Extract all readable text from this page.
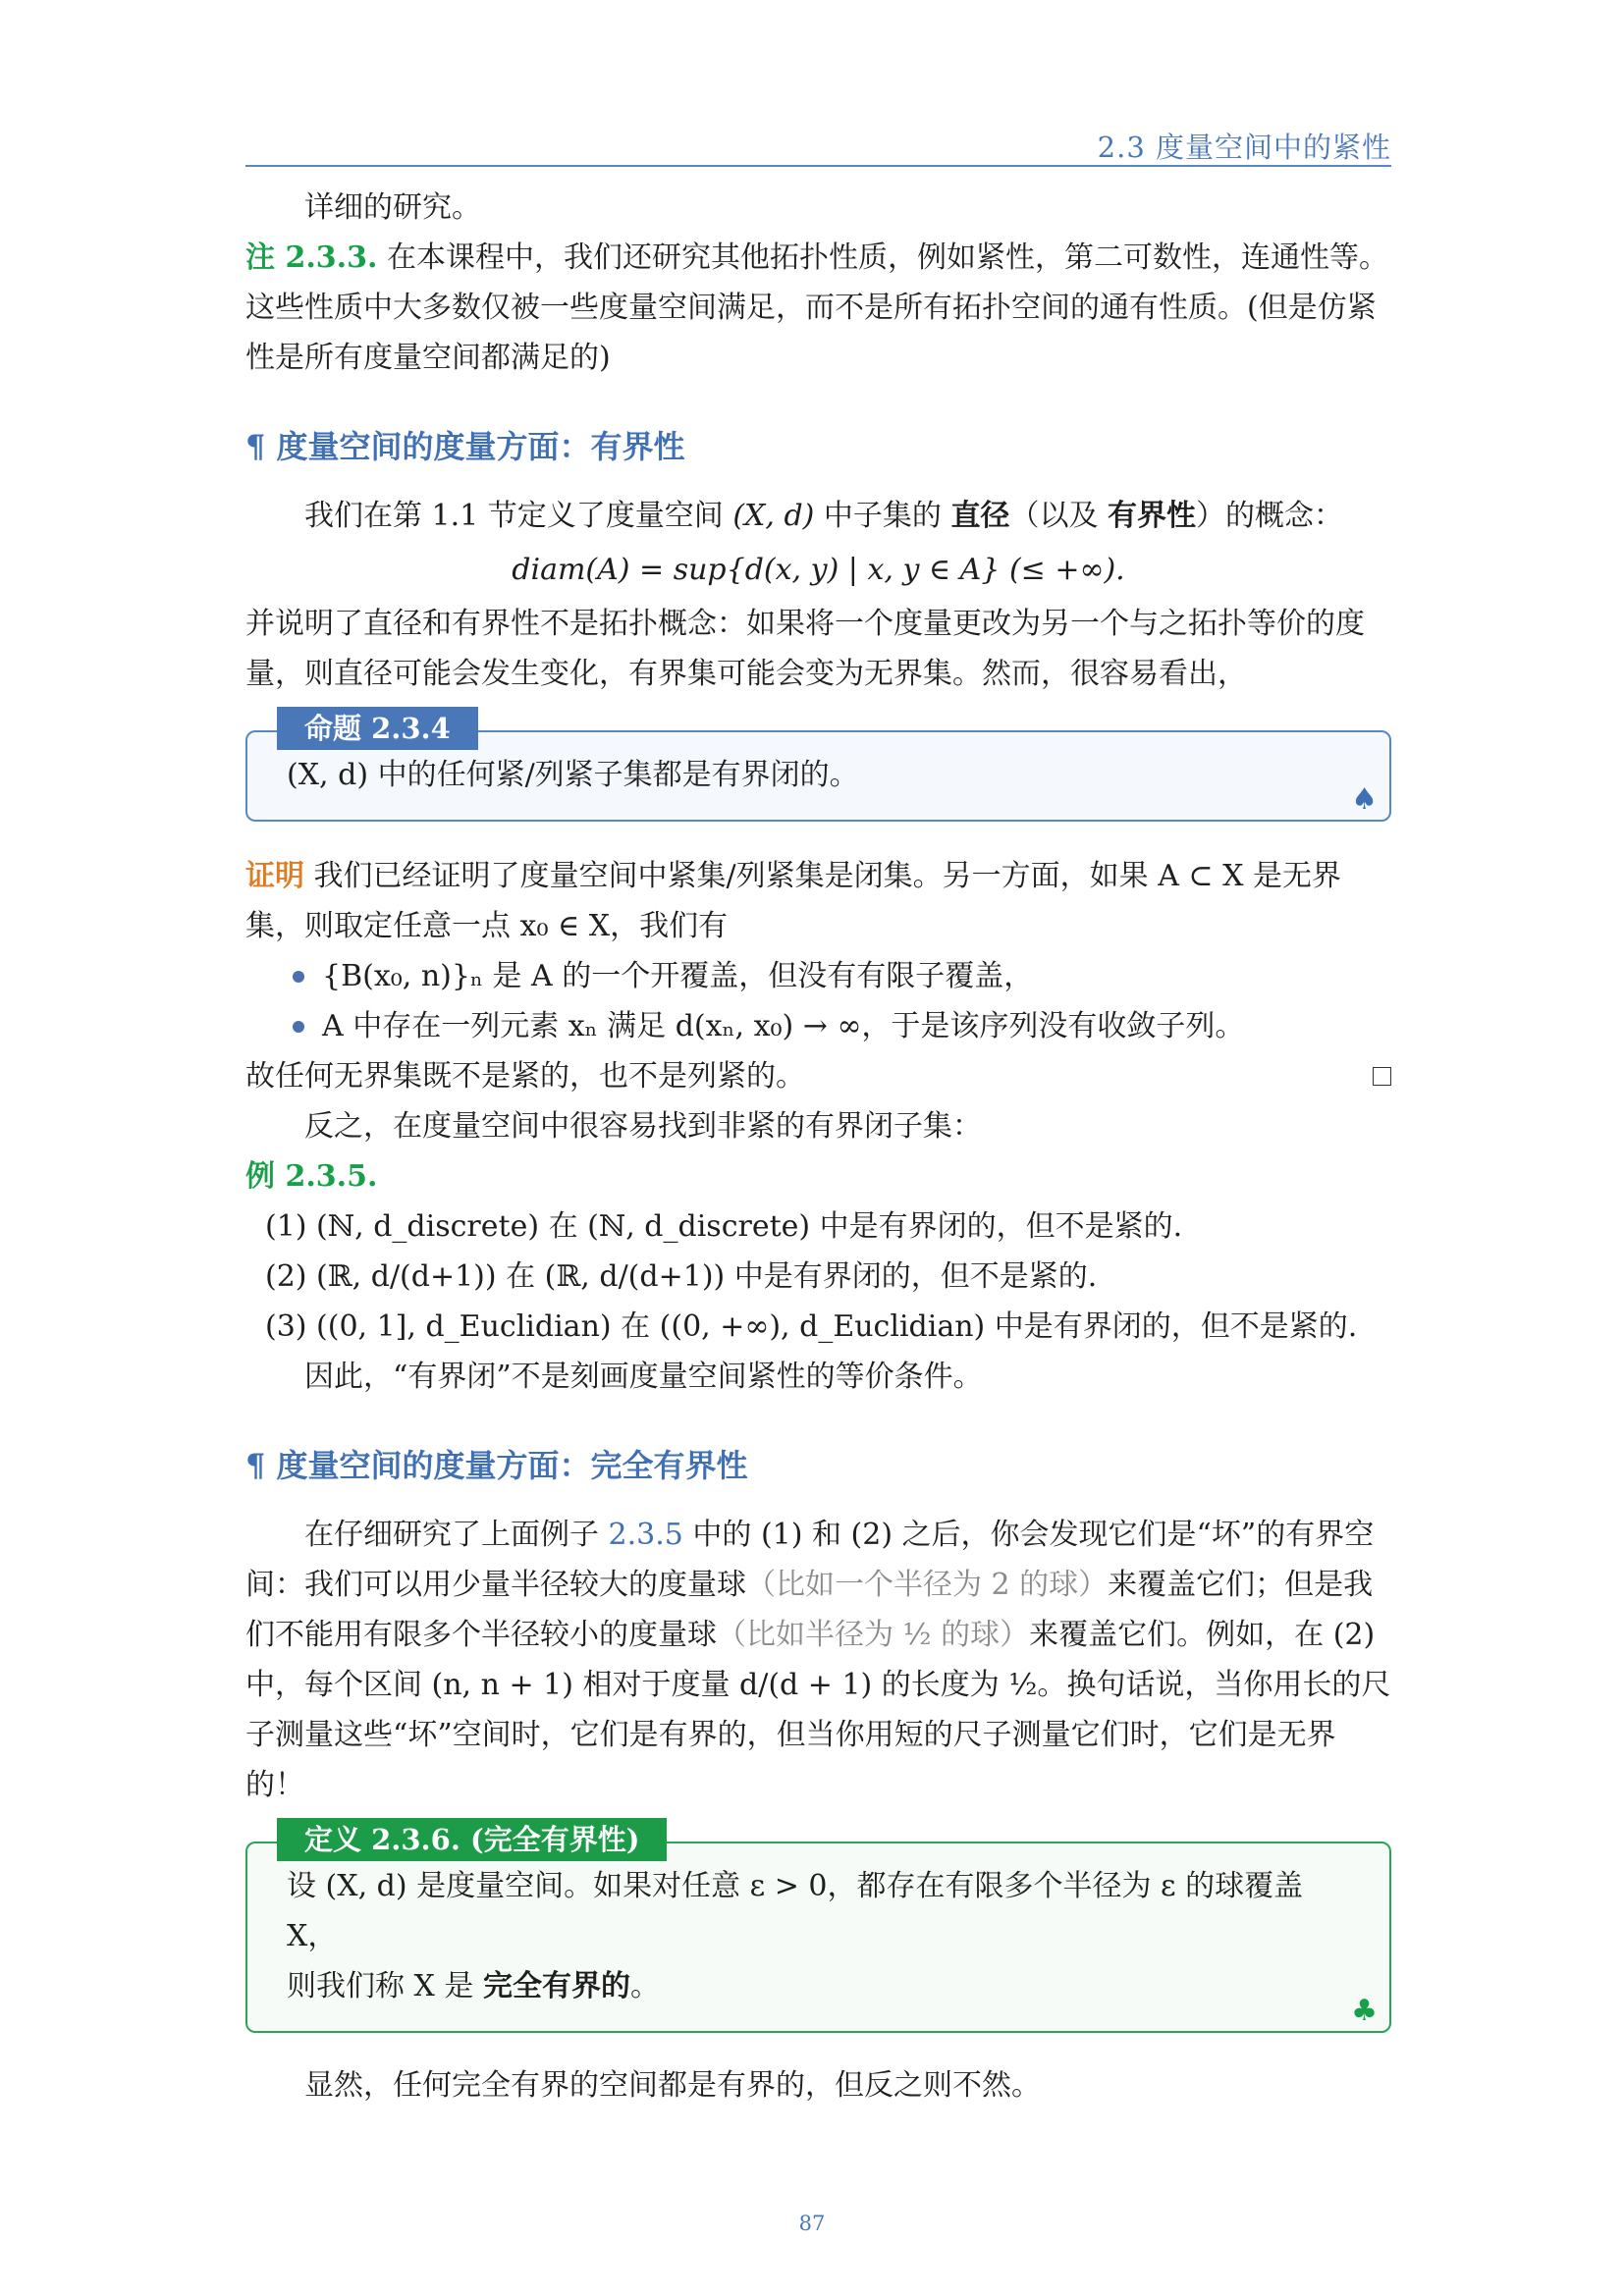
2.3 度量空间中的紧性

详细的研究。

注 2.3.3. 在本课程中，我们还研究其他拓扑性质，例如紧性，第二可数性，连通性等。这些性质中大多数仅被一些度量空间满足，而不是所有拓扑空间的通有性质。(但是仿紧性是所有度量空间都满足的)

¶ 度量空间的度量方面：有界性

我们在第 1.1 节定义了度量空间 (X, d) 中子集的 直径（以及 有界性）的概念：

diam(A) = sup{d(x, y) | x, y ∈ A} (≤ +∞).

并说明了直径和有界性不是拓扑概念：如果将一个度量更改为另一个与之拓扑等价的度量，则直径可能会发生变化，有界集可能会变为无界集。然而，很容易看出，

命题 2.3.4

(X, d) 中的任何紧/列紧子集都是有界闭的。

♠

证明 我们已经证明了度量空间中紧集/列紧集是闭集。另一方面，如果 A ⊂ X 是无界集，则取定任意一点 x₀ ∈ X，我们有

{B(x₀, n)}ₙ 是 A 的一个开覆盖，但没有有限子覆盖，
A 中存在一列元素 xₙ 满足 d(xₙ, x₀) → ∞，于是该序列没有收敛子列。

故任何无界集既不是紧的，也不是列紧的。

反之，在度量空间中很容易找到非紧的有界闭子集：

例 2.3.5.

(1) (ℕ, d_discrete) 在 (ℕ, d_discrete) 中是有界闭的，但不是紧的.

(2) (ℝ, d/(d+1)) 在 (ℝ, d/(d+1)) 中是有界闭的，但不是紧的.

(3) ((0, 1], d_Euclidian) 在 ((0, +∞), d_Euclidian) 中是有界闭的，但不是紧的.

因此，“有界闭”不是刻画度量空间紧性的等价条件。

¶ 度量空间的度量方面：完全有界性

在仔细研究了上面例子 2.3.5 中的 (1) 和 (2) 之后，你会发现它们是“坏”的有界空间：我们可以用少量半径较大的度量球（比如一个半径为 2 的球）来覆盖它们；但是我们不能用有限多个半径较小的度量球（比如半径为 ½ 的球）来覆盖它们。例如，在 (2) 中，每个区间 (n, n + 1) 相对于度量 d/(d + 1) 的长度为 ½。换句话说，当你用长的尺子测量这些“坏”空间时，它们是有界的，但当你用短的尺子测量它们时，它们是无界的！

定义 2.3.6. (完全有界性)

设 (X, d) 是度量空间。如果对任意 ε > 0，都存在有限多个半径为 ε 的球覆盖 X，

则我们称 X 是 完全有界的。

♣

显然，任何完全有界的空间都是有界的，但反之则不然。

87
